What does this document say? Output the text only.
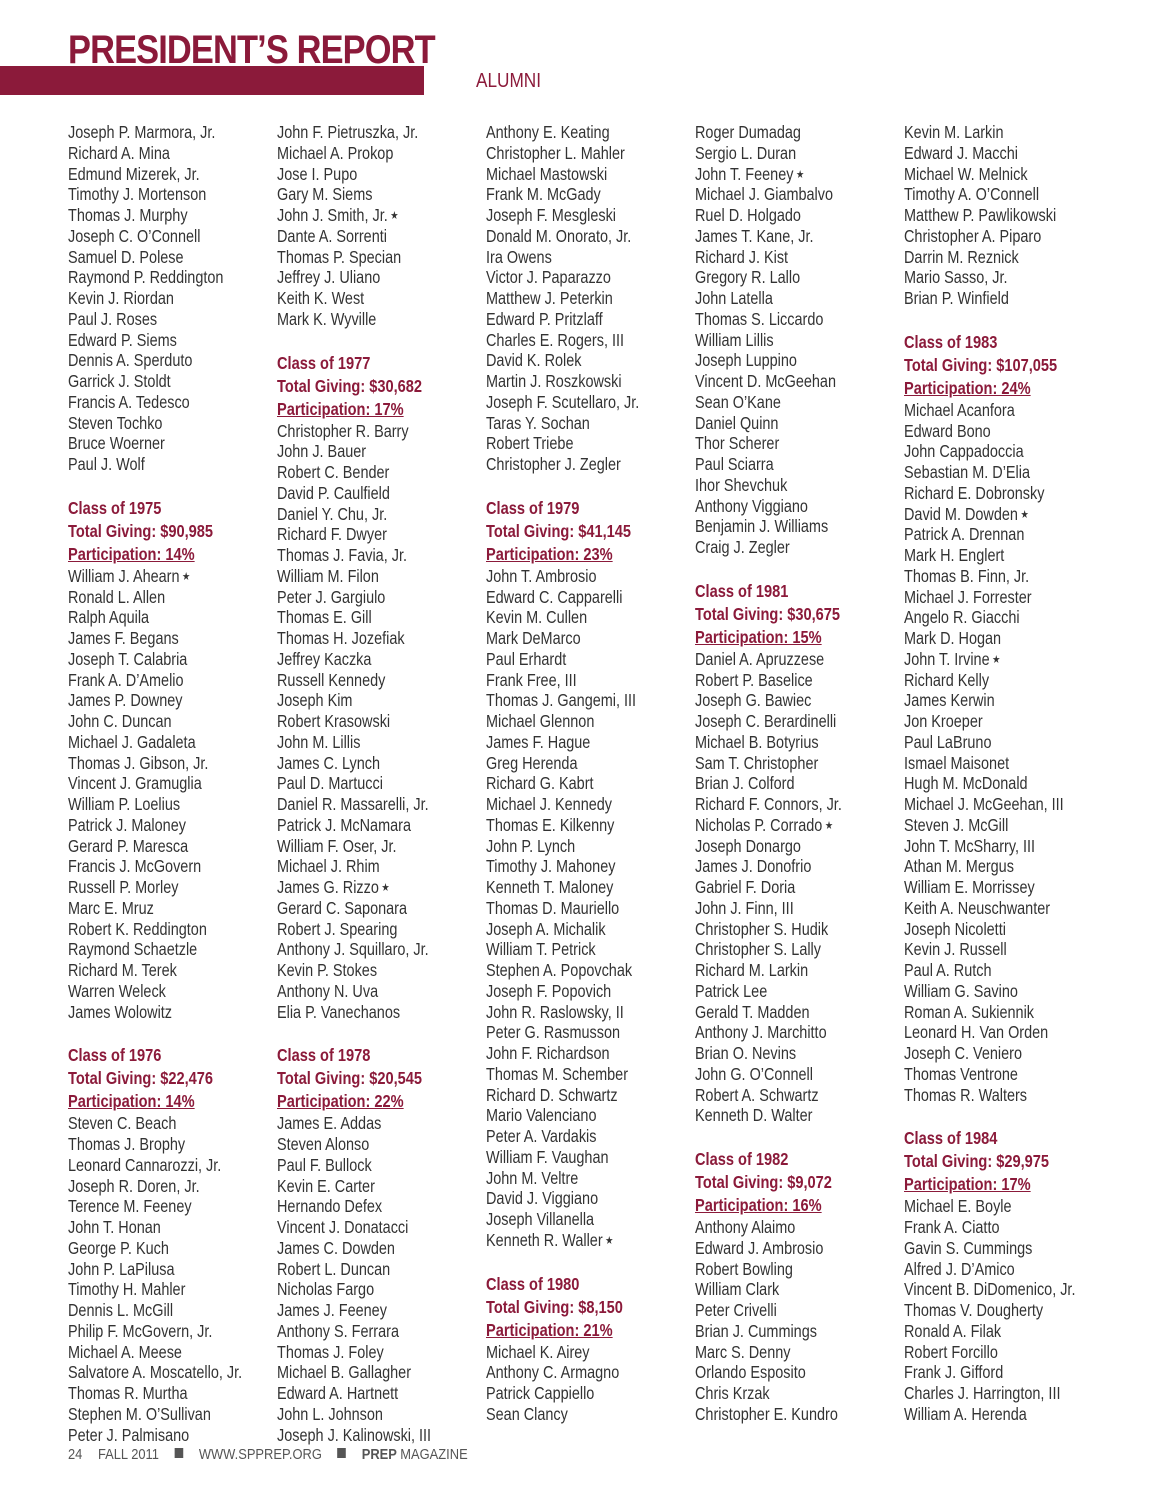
PRESIDENT’S REPORT
ALUMNI
Joseph P. Marmora, Jr.
Richard A. Mina
Edmund Mizerek, Jr.
Timothy J. Mortenson
Thomas J. Murphy
Joseph C. O’Connell
Samuel D. Polese
Raymond P. Reddington
Kevin J. Riordan
Paul J. Roses
Edward P. Siems
Dennis A. Sperduto
Garrick J. Stoldt
Francis A. Tedesco
Steven Tochko
Bruce Woerner
Paul J. Wolf
Class of 1975
Total Giving: $90,985
Participation: 14%
William J. Ahearn ★
Ronald L. Allen
Ralph Aquila
James F. Begans
Joseph T. Calabria
Frank A. D’Amelio
James P. Downey
John C. Duncan
Michael J. Gadaleta
Thomas J. Gibson, Jr.
Vincent J. Gramuglia
William P. Loelius
Patrick J. Maloney
Gerard P. Maresca
Francis J. McGovern
Russell P. Morley
Marc E. Mruz
Robert K. Reddington
Raymond Schaetzle
Richard M. Terek
Warren Weleck
James Wolowitz
Class of 1976
Total Giving: $22,476
Participation: 14%
Steven C. Beach
Thomas J. Brophy
Leonard Cannarozzi, Jr.
Joseph R. Doren, Jr.
Terence M. Feeney
John T. Honan
George P. Kuch
John P. LaPilusa
Timothy H. Mahler
Dennis L. McGill
Philip F. McGovern, Jr.
Michael A. Meese
Salvatore A. Moscatello, Jr.
Thomas R. Murtha
Stephen M. O’Sullivan
Peter J. Palmisano
John F. Pietruszka, Jr.
Michael A. Prokop
Jose I. Pupo
Gary M. Siems
John J. Smith, Jr. ★
Dante A. Sorrenti
Thomas P. Specian
Jeffrey J. Uliano
Keith K. West
Mark K. Wyville
Class of 1977
Total Giving: $30,682
Participation: 17%
Christopher R. Barry
John J. Bauer
Robert C. Bender
David P. Caulfield
Daniel Y. Chu, Jr.
Richard F. Dwyer
Thomas J. Favia, Jr.
William M. Filon
Peter J. Gargiulo
Thomas E. Gill
Thomas H. Jozefiak
Jeffrey Kaczka
Russell Kennedy
Joseph Kim
Robert Krasowski
John M. Lillis
James C. Lynch
Paul D. Martucci
Daniel R. Massarelli, Jr.
Patrick J. McNamara
William F. Oser, Jr.
Michael J. Rhim
James G. Rizzo ★
Gerard C. Saponara
Robert J. Spearing
Anthony J. Squillaro, Jr.
Kevin P. Stokes
Anthony N. Uva
Elia P. Vanechanos
Class of 1978
Total Giving: $20,545
Participation: 22%
James E. Addas
Steven Alonso
Paul F. Bullock
Kevin E. Carter
Hernando Defex
Vincent J. Donatacci
James C. Dowden
Robert L. Duncan
Nicholas Fargo
James J. Feeney
Anthony S. Ferrara
Thomas J. Foley
Michael B. Gallagher
Edward A. Hartnett
John L. Johnson
Joseph J. Kalinowski, III
Anthony E. Keating
Christopher L. Mahler
Michael Mastowski
Frank M. McGady
Joseph F. Mesgleski
Donald M. Onorato, Jr.
Ira Owens
Victor J. Paparazzo
Matthew J. Peterkin
Edward P. Pritzlaff
Charles E. Rogers, III
David K. Rolek
Martin J. Roszkowski
Joseph F. Scutellaro, Jr.
Taras Y. Sochan
Robert Triebe
Christopher J. Zegler
Class of 1979
Total Giving: $41,145
Participation: 23%
John T. Ambrosio
Edward C. Capparelli
Kevin M. Cullen
Mark DeMarco
Paul Erhardt
Frank Free, III
Thomas J. Gangemi, III
Michael Glennon
James F. Hague
Greg Herenda
Richard G. Kabrt
Michael J. Kennedy
Thomas E. Kilkenny
John P. Lynch
Timothy J. Mahoney
Kenneth T. Maloney
Thomas D. Mauriello
Joseph A. Michalik
William T. Petrick
Stephen A. Popovchak
Joseph F. Popovich
John R. Raslowsky, II
Peter G. Rasmusson
John F. Richardson
Thomas M. Schember
Richard D. Schwartz
Mario Valenciano
Peter A. Vardakis
William F. Vaughan
John M. Veltre
David J. Viggiano
Joseph Villanella
Kenneth R. Waller ★
Class of 1980
Total Giving: $8,150
Participation: 21%
Michael K. Airey
Anthony C. Armagno
Patrick Cappiello
Sean Clancy
Roger Dumadag
Sergio L. Duran
John T. Feeney ★
Michael J. Giambalvo
Ruel D. Holgado
James T. Kane, Jr.
Richard J. Kist
Gregory R. Lallo
John Latella
Thomas S. Liccardo
William Lillis
Joseph Luppino
Vincent D. McGeehan
Sean O’Kane
Daniel Quinn
Thor Scherer
Paul Sciarra
Ihor Shevchuk
Anthony Viggiano
Benjamin J. Williams
Craig J. Zegler
Class of 1981
Total Giving: $30,675
Participation: 15%
Daniel A. Apruzzese
Robert P. Baselice
Joseph G. Bawiec
Joseph C. Berardinelli
Michael B. Botyrius
Sam T. Christopher
Brian J. Colford
Richard F. Connors, Jr.
Nicholas P. Corrado ★
Joseph Donargo
James J. Donofrio
Gabriel F. Doria
John J. Finn, III
Christopher S. Hudik
Christopher S. Lally
Richard M. Larkin
Patrick Lee
Gerald T. Madden
Anthony J. Marchitto
Brian O. Nevins
John G. O’Connell
Robert A. Schwartz
Kenneth D. Walter
Class of 1982
Total Giving: $9,072
Participation: 16%
Anthony Alaimo
Edward J. Ambrosio
Robert Bowling
William Clark
Peter Crivelli
Brian J. Cummings
Marc S. Denny
Orlando Esposito
Chris Krzak
Christopher E. Kundro
Kevin M. Larkin
Edward J. Macchi
Michael W. Melnick
Timothy A. O’Connell
Matthew P. Pawlikowski
Christopher A. Piparo
Darrin M. Reznick
Mario Sasso, Jr.
Brian P. Winfield
Class of 1983
Total Giving: $107,055
Participation: 24%
Michael Acanfora
Edward Bono
John Cappadoccia
Sebastian M. D’Elia
Richard E. Dobronsky
David M. Dowden ★
Patrick A. Drennan
Mark H. Englert
Thomas B. Finn, Jr.
Michael J. Forrester
Angelo R. Giacchi
Mark D. Hogan
John T. Irvine ★
Richard Kelly
James Kerwin
Jon Kroeper
Paul LaBruno
Ismael Maisonet
Hugh M. McDonald
Michael J. McGeehan, III
Steven J. McGill
John T. McSharry, III
Athan M. Mergus
William E. Morrissey
Keith A. Neuschwanter
Joseph Nicoletti
Kevin J. Russell
Paul A. Rutch
William G. Savino
Roman A. Sukiennik
Leonard H. Van Orden
Joseph C. Veniero
Thomas Ventrone
Thomas R. Walters
Class of 1984
Total Giving: $29,975
Participation: 17%
Michael E. Boyle
Frank A. Ciatto
Gavin S. Cummings
Alfred J. D’Amico
Vincent B. DiDomenico, Jr.
Thomas V. Dougherty
Ronald A. Filak
Robert Forcillo
Frank J. Gifford
Charles J. Harrington, III
William A. Herenda
24 FALL 2011	WWW.SPPREP.ORG	PREP MAGAZINE
